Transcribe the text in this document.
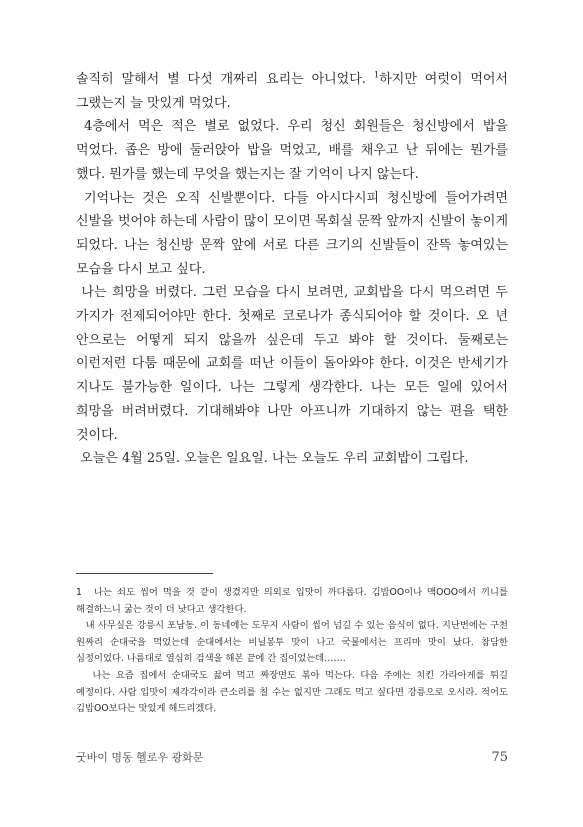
솔직히 말해서 별 다섯 개짜리 요리는 아니었다. $^1$하지만 여럿이 먹어서 그랬는지 늘 맛있게 먹었다.

4층에서 먹은 적은 별로 없었다. 우리 청신 회원들은 청신방에서 밥을 먹었다. 좁은 방에 둘러앉아 밥을 먹었고, 배를 채우고 난 뒤에는 뭔가를 했다. 뭔가를 했는데 무엇을 했는지는 잘 기억이 나지 않는다.

기억나는 것은 오직 신발뿐이다. 다들 아시다시피 청신방에 들어가려면 신발을 벗어야 하는데 사람이 많이 모이면 목회실 문짝 앞까지 신발이 놓이게 되었다. 나는 청신방 문짝 앞에 서로 다른 크기의 신발들이 잔뜩 놓여있는 모습을 다시 보고 싶다.

나는 희망을 버렸다. 그런 모습을 다시 보려면, 교회밥을 다시 먹으려면 두 가지가 전제되어야만 한다. 첫째로 코로나가 종식되어야 할 것이다. 오 년 안으로는 어떻게 되지 않을까 싶은데 두고 봐야 할 것이다. 둘째로는 이런저런 다툼 때문에 교회를 떠난 이들이 돌아와야 한다. 이것은 반세기가 지나도 불가능한 일이다. 나는 그렇게 생각한다. 나는 모든 일에 있어서 희망을 버려버렸다. 기대해봐야 나만 아프니까 기대하지 않는 편을 택한 것이다.

오늘은 4월 25일. 오늘은 일요일. 나는 오늘도 우리 교회밥이 그립다.

1 나는 쇠도 씹어 먹을 것 같이 생겼지만 의외로 입맛이 까다롭다. 김밥OO이나 맥OOO에서 끼니를 해결하느니 굶는 것이 더 낫다고 생각한다.

내 사무실은 강릉시 포남동. 이 동네에는 도무지 사람이 씹어 넘길 수 있는 음식이 없다. 지난번에는 구천 원짜리 순대국을 먹었는데 순대에서는 비닐봉투 맛이 나고 국물에서는 프리마 맛이 났다. 참담한 심정이었다. 나름대로 열심히 검색을 해본 끝에 간 집이었는데…….

나는 요즘 집에서 순대국도 끓여 먹고 짜장면도 볶아 먹는다. 다음 주에는 치킨 가라아게를 튀길 예정이다. 사람 입맛이 제각각이라 큰소리를 칠 수는 없지만 그래도 먹고 싶다면 강릉으로 오시라. 적어도 김밥OO보다는 맛있게 해드리겠다.

굿바이 명동 헬로우 광화문	75
